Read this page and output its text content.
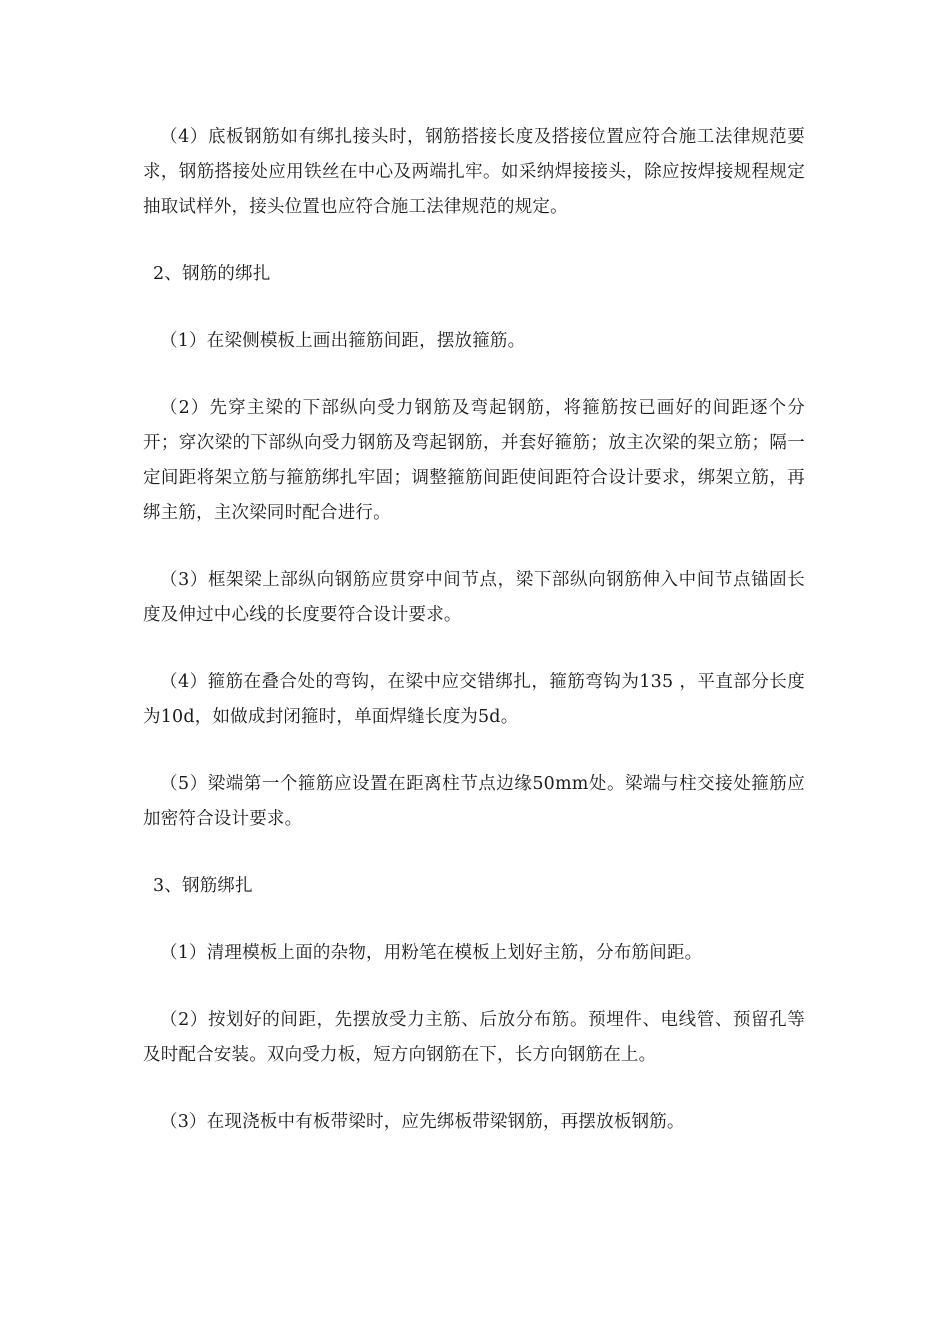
（4）底板钢筋如有绑扎接头时，钢筋搭接长度及搭接位置应符合施工法律规范要求，钢筋搭接处应用铁丝在中心及两端扎牢。如采纳焊接接头，除应按焊接规程规定抽取试样外，接头位置也应符合施工法律规范的规定。

2、钢筋的绑扎

（1）在梁侧模板上画出箍筋间距，摆放箍筋。

（2）先穿主梁的下部纵向受力钢筋及弯起钢筋，将箍筋按已画好的间距逐个分开；穿次梁的下部纵向受力钢筋及弯起钢筋，并套好箍筋；放主次梁的架立筋；隔一定间距将架立筋与箍筋绑扎牢固；调整箍筋间距使间距符合设计要求，绑架立筋，再绑主筋，主次梁同时配合进行。

（3）框架梁上部纵向钢筋应贯穿中间节点，梁下部纵向钢筋伸入中间节点锚固长度及伸过中心线的长度要符合设计要求。

（4）箍筋在叠合处的弯钩，在梁中应交错绑扎，箍筋弯钩为135 ，平直部分长度为10d，如做成封闭箍时，单面焊缝长度为5d。

（5）梁端第一个箍筋应设置在距离柱节点边缘50mm处。梁端与柱交接处箍筋应加密符合设计要求。

3、钢筋绑扎

（1）清理模板上面的杂物，用粉笔在模板上划好主筋，分布筋间距。

（2）按划好的间距，先摆放受力主筋、后放分布筋。预埋件、电线管、预留孔等及时配合安装。双向受力板，短方向钢筋在下，长方向钢筋在上。

（3）在现浇板中有板带梁时，应先绑板带梁钢筋，再摆放板钢筋。
